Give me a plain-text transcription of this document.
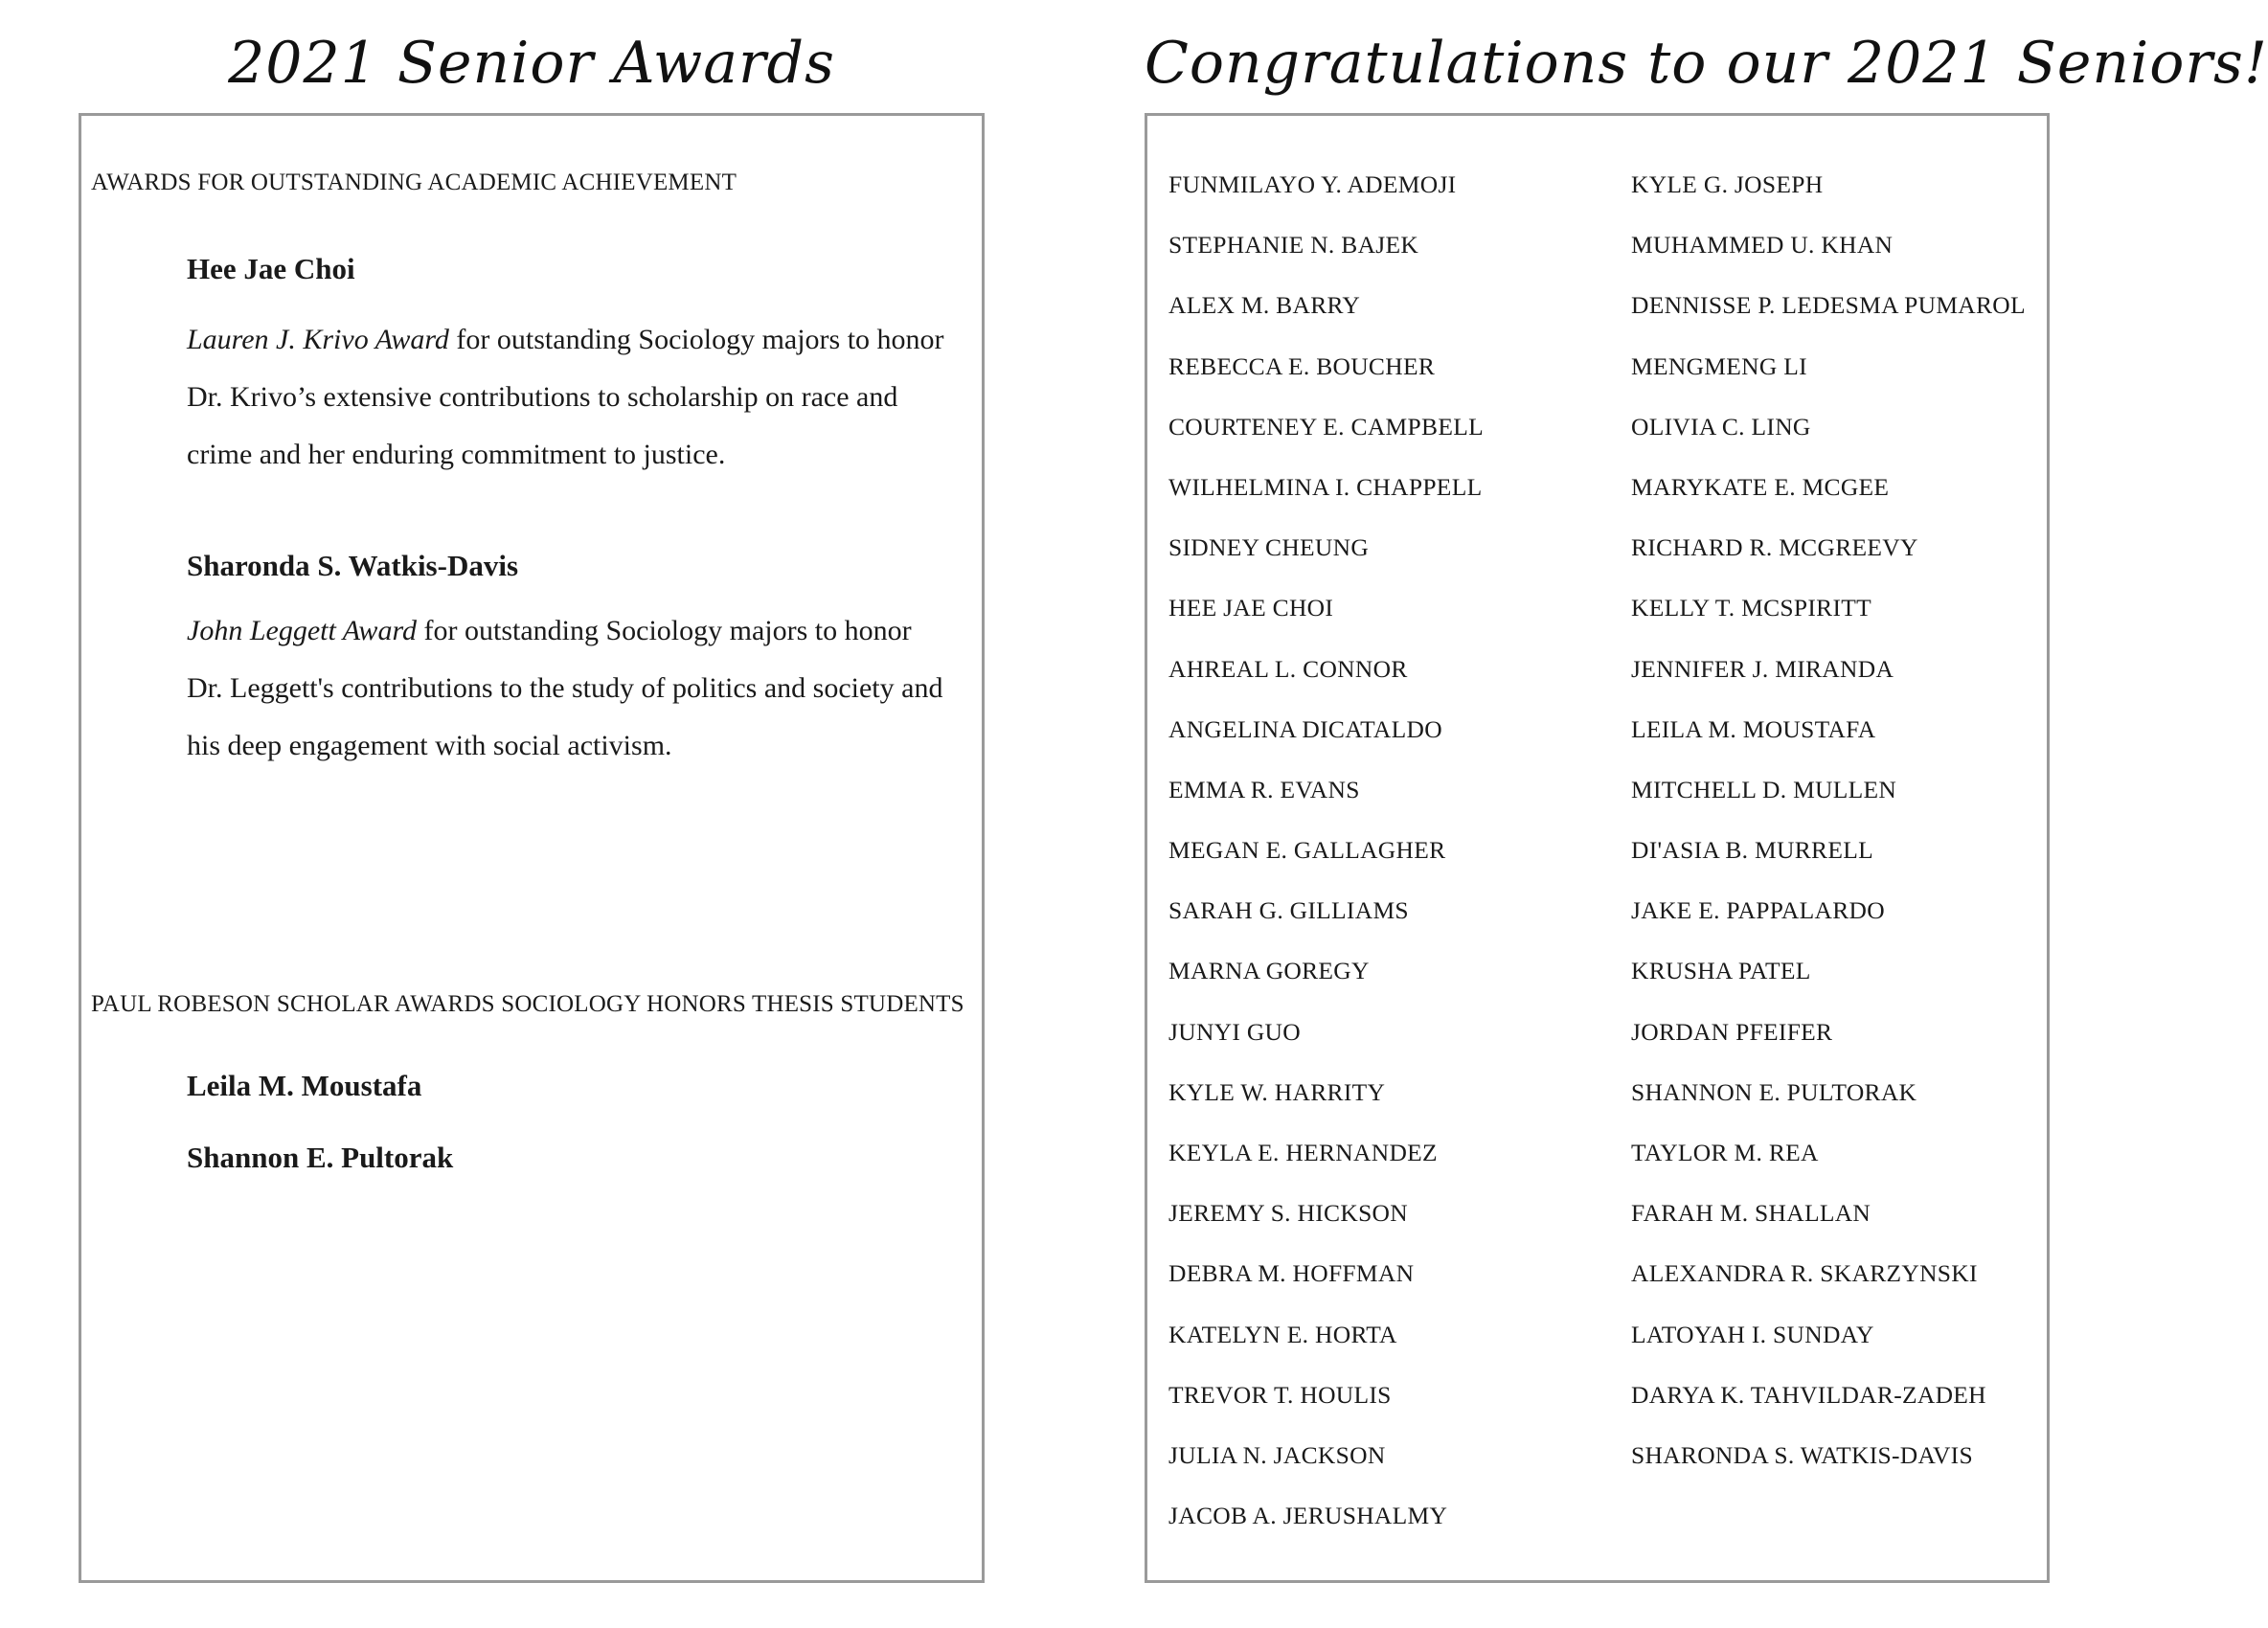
2021 Senior Awards
AWARDS FOR OUTSTANDING ACADEMIC ACHIEVEMENT
Hee Jae Choi
Lauren J. Krivo Award for outstanding Sociology majors to honor Dr. Krivo’s extensive contributions to scholarship on race and crime and her enduring commitment to justice.
Sharonda S. Watkis-Davis
John Leggett Award for outstanding Sociology majors to honor Dr. Leggett's contributions to the study of politics and society and his deep engagement with social activism.
PAUL ROBESON SCHOLAR AWARDS SOCIOLOGY HONORS THESIS STUDENTS
Leila M. Moustafa
Shannon E. Pultorak
Congratulations to our 2021 Seniors!
FUNMILAYO Y. ADEMOJI
STEPHANIE N. BAJEK
ALEX M. BARRY
REBECCA E. BOUCHER
COURTENEY E. CAMPBELL
WILHELMINA I. CHAPPELL
SIDNEY CHEUNG
HEE JAE CHOI
AHREAL L. CONNOR
ANGELINA DICATALDO
EMMA R. EVANS
MEGAN E. GALLAGHER
SARAH G. GILLIAMS
MARNA GOREGY
JUNYI GUO
KYLE W. HARRITY
KEYLA E. HERNANDEZ
JEREMY S. HICKSON
DEBRA M. HOFFMAN
KATELYN E. HORTA
TREVOR T. HOULIS
JULIA N. JACKSON
JACOB A. JERUSHALMY
KYLE G. JOSEPH
MUHAMMED U. KHAN
DENNISSE P. LEDESMA PUMAROL
MENGMENG LI
OLIVIA C. LING
MARYKATE E. MCGEE
RICHARD R. MCGREEVY
KELLY T. MCSPIRITT
JENNIFER J. MIRANDA
LEILA M. MOUSTAFA
MITCHELL D. MULLEN
DI'ASIA B. MURRELL
JAKE E. PAPPALARDO
KRUSHA PATEL
JORDAN PFEIFER
SHANNON E. PULTORAK
TAYLOR M. REA
FARAH M. SHALLAN
ALEXANDRA R. SKARZYNSKI
LATOYAH I. SUNDAY
DARYA K. TAHVILDAR-ZADEH
SHARONDA S. WATKIS-DAVIS
